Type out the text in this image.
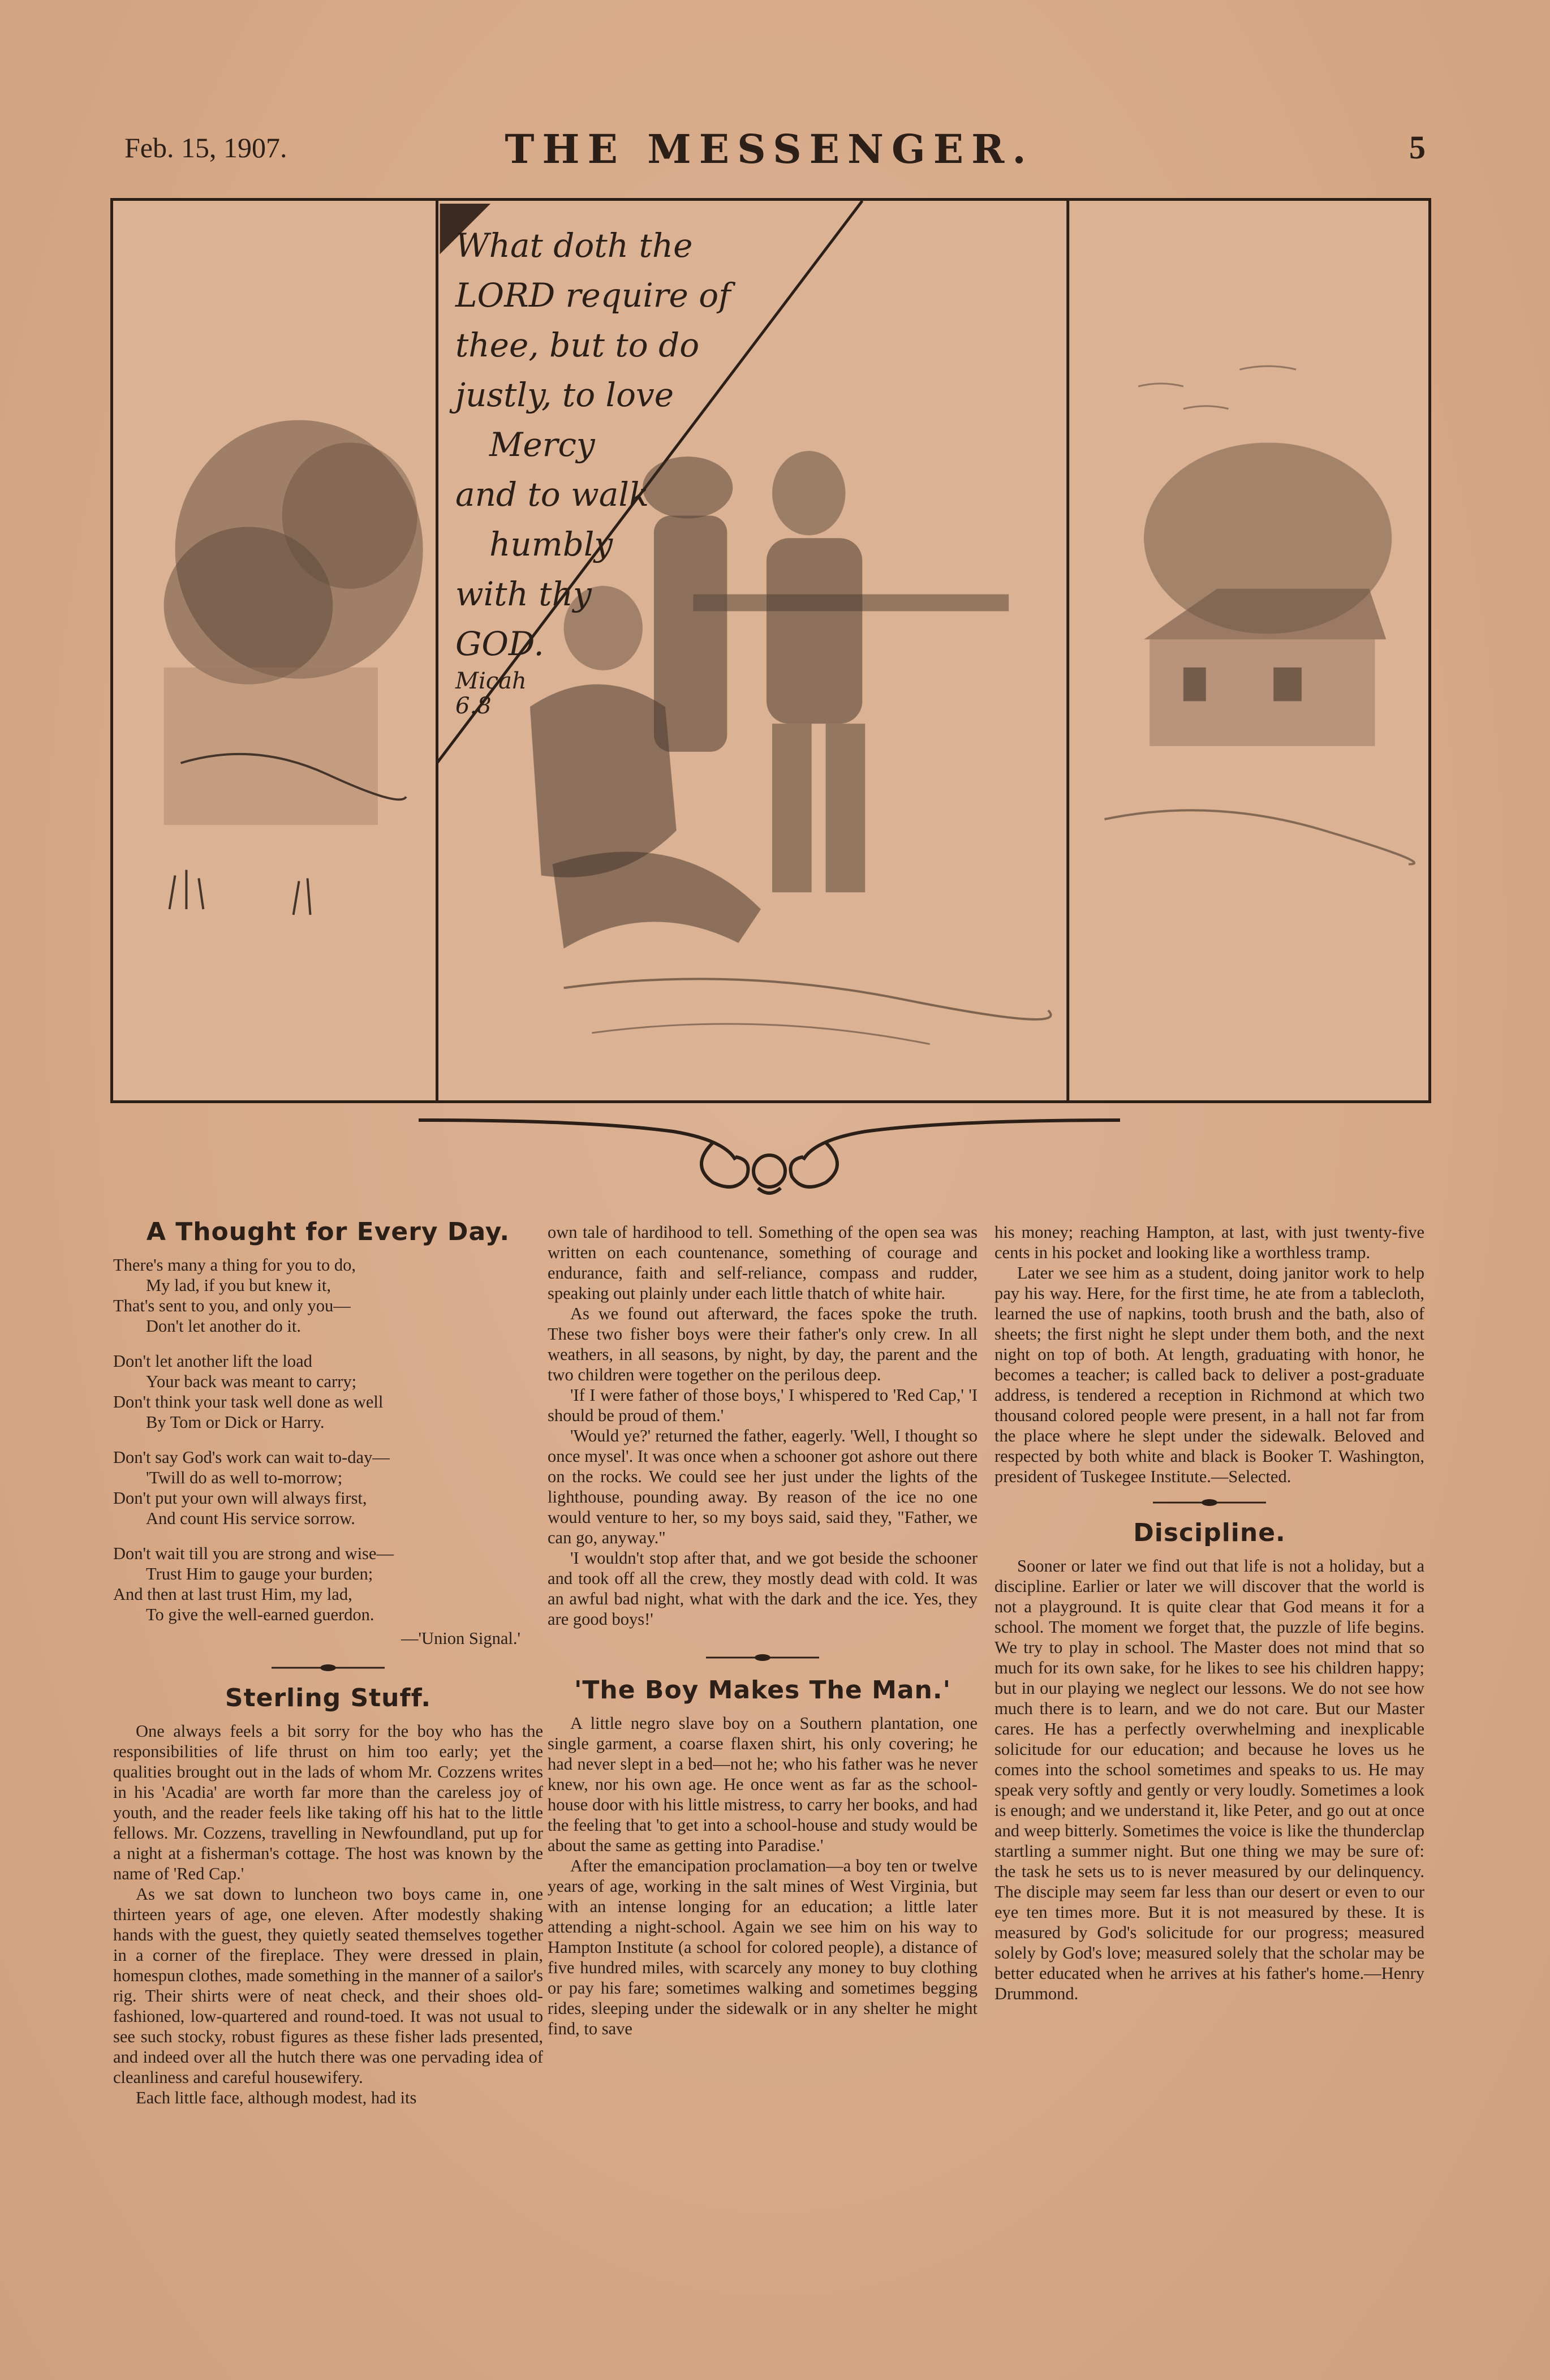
Feb. 15, 1907.	THE MESSENGER.	5
What doth the
LORD require of
thee, but to do
justly, to love
Mercy
and to walk
humbly
with thy
GOD.
Micah
6.8
A Thought for Every Day.
There's many a thing for you to do,
My lad, if you but knew it,
That's sent to you, and only you—
Don't let another do it.
Don't let another lift the load
Your back was meant to carry;
Don't think your task well done as well
By Tom or Dick or Harry.
Don't say God's work can wait to-day—
'Twill do as well to-morrow;
Don't put your own will always first,
And count His service sorrow.
Don't wait till you are strong and wise—
Trust Him to gauge your burden;
And then at last trust Him, my lad,
To give the well-earned guerdon.
—'Union Signal.'
Sterling Stuff.

One always feels a bit sorry for the boy who has the responsibilities of life thrust on him too early; yet the qualities brought out in the lads of whom Mr. Cozzens writes in his 'Acadia' are worth far more than the careless joy of youth, and the reader feels like taking off his hat to the little fellows. Mr. Cozzens, travelling in Newfoundland, put up for a night at a fisherman's cottage. The host was known by the name of 'Red Cap.'

As we sat down to luncheon two boys came in, one thirteen years of age, one eleven. After modestly shaking hands with the guest, they quietly seated themselves together in a corner of the fireplace. They were dressed in plain, homespun clothes, made something in the manner of a sailor's rig. Their shirts were of neat check, and their shoes old-fashioned, low-quartered and round-toed. It was not usual to see such stocky, robust figures as these fisher lads presented, and indeed over all the hutch there was one pervading idea of cleanliness and careful housewifery.

Each little face, although modest, had its

own tale of hardihood to tell. Something of the open sea was written on each countenance, something of courage and endurance, faith and self-reliance, compass and rudder, speaking out plainly under each little thatch of white hair.

As we found out afterward, the faces spoke the truth. These two fisher boys were their father's only crew. In all weathers, in all seasons, by night, by day, the parent and the two children were together on the perilous deep.

'If I were father of those boys,' I whispered to 'Red Cap,' 'I should be proud of them.'

'Would ye?' returned the father, eagerly. 'Well, I thought so once mysel'. It was once when a schooner got ashore out there on the rocks. We could see her just under the lights of the lighthouse, pounding away. By reason of the ice no one would venture to her, so my boys said, said they, "Father, we can go, anyway."

'I wouldn't stop after that, and we got beside the schooner and took off all the crew, they mostly dead with cold. It was an awful bad night, what with the dark and the ice. Yes, they are good boys!'

'The Boy Makes The Man.'

A little negro slave boy on a Southern plantation, one single garment, a coarse flaxen shirt, his only covering; he had never slept in a bed—not he; who his father was he never knew, nor his own age. He once went as far as the school-house door with his little mistress, to carry her books, and had the feeling that 'to get into a school-house and study would be about the same as getting into Paradise.'

After the emancipation proclamation—a boy ten or twelve years of age, working in the salt mines of West Virginia, but with an intense longing for an education; a little later attending a night-school. Again we see him on his way to Hampton Institute (a school for colored people), a distance of five hundred miles, with scarcely any money to buy clothing or pay his fare; sometimes walking and sometimes begging rides, sleeping under the sidewalk or in any shelter he might find, to save

his money; reaching Hampton, at last, with just twenty-five cents in his pocket and looking like a worthless tramp.

Later we see him as a student, doing janitor work to help pay his way. Here, for the first time, he ate from a tablecloth, learned the use of napkins, tooth brush and the bath, also of sheets; the first night he slept under them both, and the next night on top of both. At length, graduating with honor, he becomes a teacher; is called back to deliver a post-graduate address, is tendered a reception in Richmond at which two thousand colored people were present, in a hall not far from the place where he slept under the sidewalk. Beloved and respected by both white and black is Booker T. Washington, president of Tuskegee Institute.—Selected.

Discipline.

Sooner or later we find out that life is not a holiday, but a discipline. Earlier or later we will discover that the world is not a playground. It is quite clear that God means it for a school. The moment we forget that, the puzzle of life begins. We try to play in school. The Master does not mind that so much for its own sake, for he likes to see his children happy; but in our playing we neglect our lessons. We do not see how much there is to learn, and we do not care. But our Master cares. He has a perfectly overwhelming and inexplicable solicitude for our education; and because he loves us he comes into the school sometimes and speaks to us. He may speak very softly and gently or very loudly. Sometimes a look is enough; and we understand it, like Peter, and go out at once and weep bitterly. Sometimes the voice is like the thunderclap startling a summer night. But one thing we may be sure of: the task he sets us to is never measured by our delinquency. The disciple may seem far less than our desert or even to our eye ten times more. But it is not measured by these. It is measured by God's solicitude for our progress; measured solely by God's love; measured solely that the scholar may be better educated when he arrives at his father's home.—Henry Drummond.
